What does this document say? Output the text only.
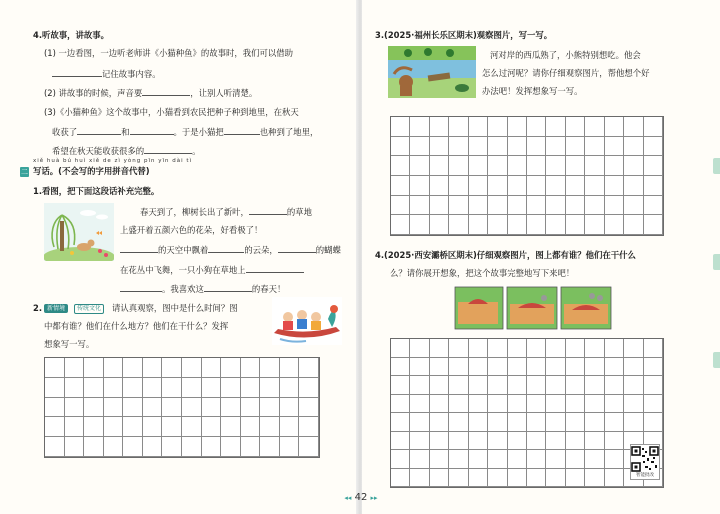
4.听故事，讲故事。
(1) 一边看图，一边听老师讲《小猫种鱼》的故事时，我们可以借助
记住故事内容。
(2) 讲故事的时候，声音要	，让别人听清楚。
(3)《小猫种鱼》这个故事中，小猫看到农民把种子种到地里，在秋天
收获了	和	。于是小猫把	也种到了地里，
希望在秋天能收获很多的	。
xiě huà bú huì xiě de zì yòng pīn yīn dài tì
二 写话。(不会写的字用拼音代替)
1.看图，把下面这段话补充完整。
春天到了，柳树长出了新叶，	的草地
上盛开着五颜六色的花朵，好看极了！
的天空中飘着	的云朵，	的蝴蝶
在花丛中飞舞，一只小狗在草地上
。我喜欢这	的春天！
2. 新情境	传统文化	请认真观察，图中是什么时间？图
中都有谁？他们在什么地方？他们在干什么？发挥
想象写一写。
3.(2025·福州长乐区期末)观察图片，写一写。
河对岸的西瓜熟了，小熊特别想吃。他会
怎么过河呢？请你仔细观察图片，帮他想个好
办法吧！发挥想象写一写。
4.(2025·西安灞桥区期末)仔细观察图片，图上都有谁？他们在干什么
么？请你展开想象，把这个故事完整地写下来吧！
智能批改
◂◂ 42 ▸▸
